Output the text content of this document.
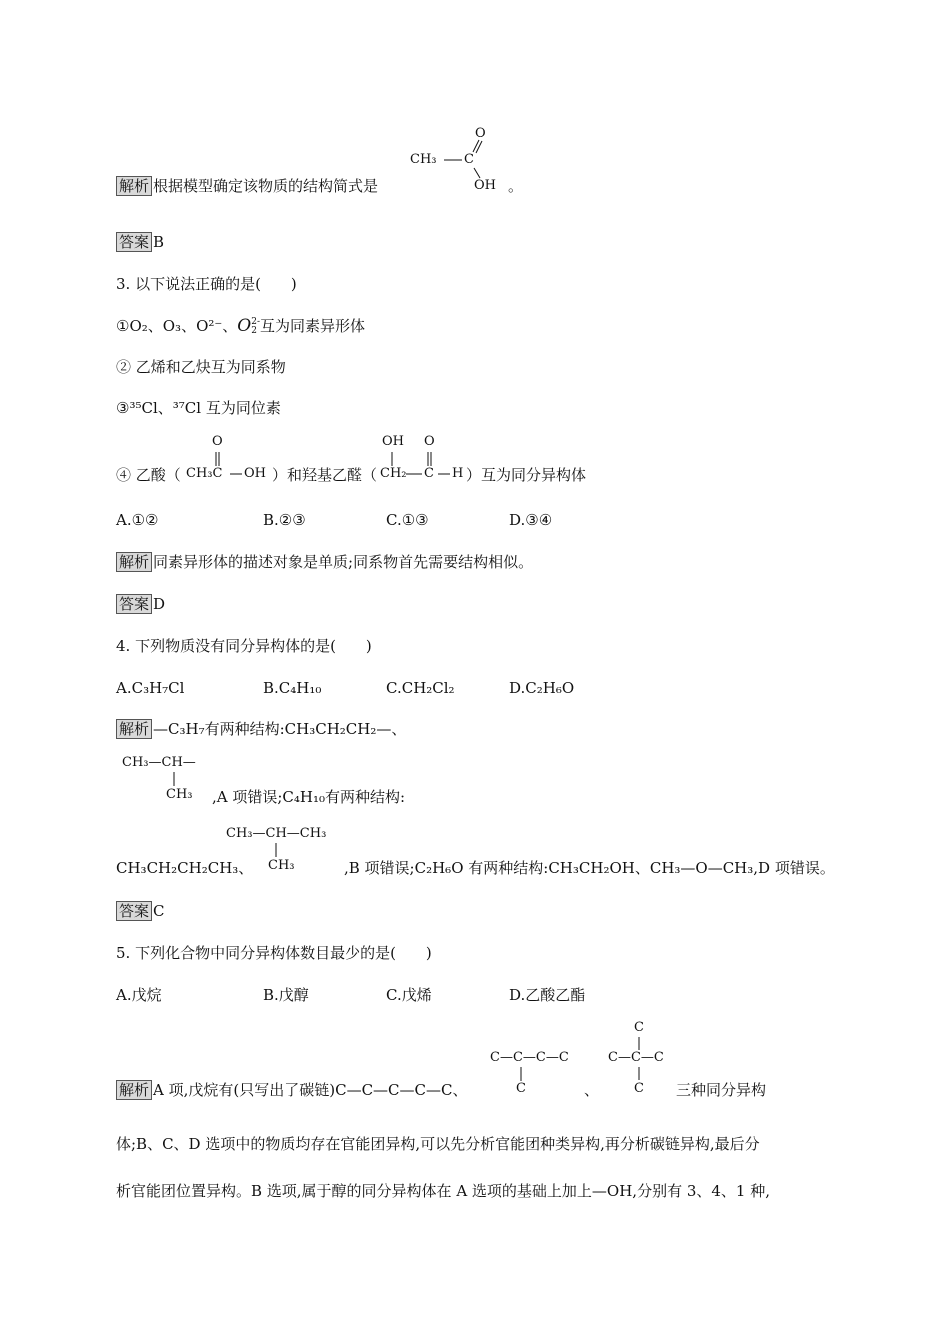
解析 根据模型确定该物质的结构简式是
CH₃ C
O
OH 。
答案 B
3. 以下说法正确的是(　　)
①O₂、O₃、O²⁻、O 2-
2 互为同素异形体
② 乙烯和乙炔互为同系物
③³⁵Cl、³⁷Cl 互为同位素
④ 乙酸（
O
CH₃C OH ）和羟基乙醛（
OH O
CH₂ C H ）互为同分异构体
A.①②	B.②③	C.①③	D.③④
解析 同素异形体的描述对象是单质;同系物首先需要结构相似。
答案 D
4. 下列物质没有同分异构体的是(　　)
A.C₃H₇Cl	B.C₄H₁₀	C.CH₂Cl₂	D.C₂H₆O
解析 —C₃H₇有两种结构:CH₃CH₂CH₂—、
CH₃—CH—
CH₃ ,A 项错误;C₄H₁₀有两种结构:
CH₃—CH—CH₃
CH₃
CH₃CH₂CH₂CH₃、	,B 项错误;C₂H₆O 有两种结构:CH₃CH₂OH、CH₃—O—CH₃,D 项错误。
答案 C
5. 下列化合物中同分异构体数目最少的是(　　)
A.戊烷	B.戊醇	C.戊烯	D.乙酸乙酯
解析 A 项,戊烷有(只写出了碳链)C—C—C—C—C、
C—C—C—C
C	、
C
C—C—C
C 三种同分异构
体;B、C、D 选项中的物质均存在官能团异构,可以先分析官能团种类异构,再分析碳链异构,最后分
析官能团位置异构。B 选项,属于醇的同分异构体在 A 选项的基础上加上—OH,分别有 3、4、1 种,
